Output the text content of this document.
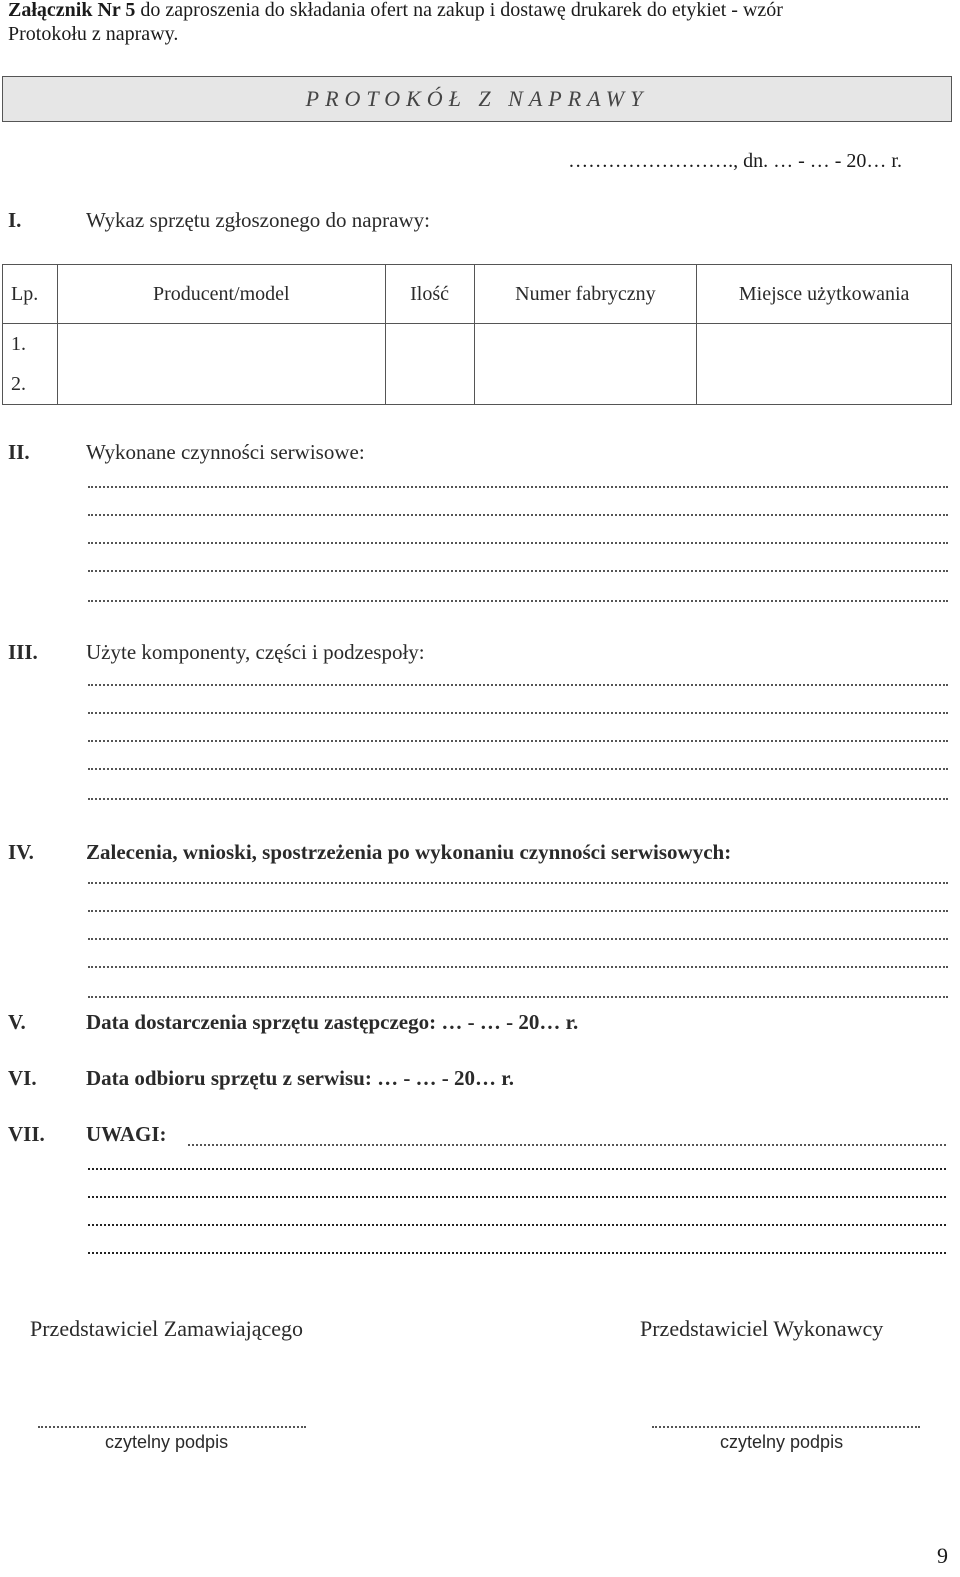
Załącznik Nr 5 do zaproszenia do składania ofert na zakup i dostawę drukarek do etykiet - wzór
Protokołu z naprawy.
PROTOKÓŁ Z NAPRAWY
……………………., dn. … - … - 20… r.
I.	Wykaz sprzętu zgłoszonego do naprawy:
Lp.	Producent/model	Ilość	Numer fabryczny	Miejsce użytkowania
1.				
2.				
II.	Wykonane czynności serwisowe:
III. Użyte komponenty, części i podzespoły:
IV. Zalecenia, wnioski, spostrzeżenia po wykonaniu czynności serwisowych:
V.	Data dostarczenia sprzętu zastępczego: … - … - 20… r.
VI. Data odbioru sprzętu z serwisu: … - … - 20… r.
VII. UWAGI:
Przedstawiciel Zamawiającego	Przedstawiciel Wykonawcy
czytelny podpis	czytelny podpis
9
